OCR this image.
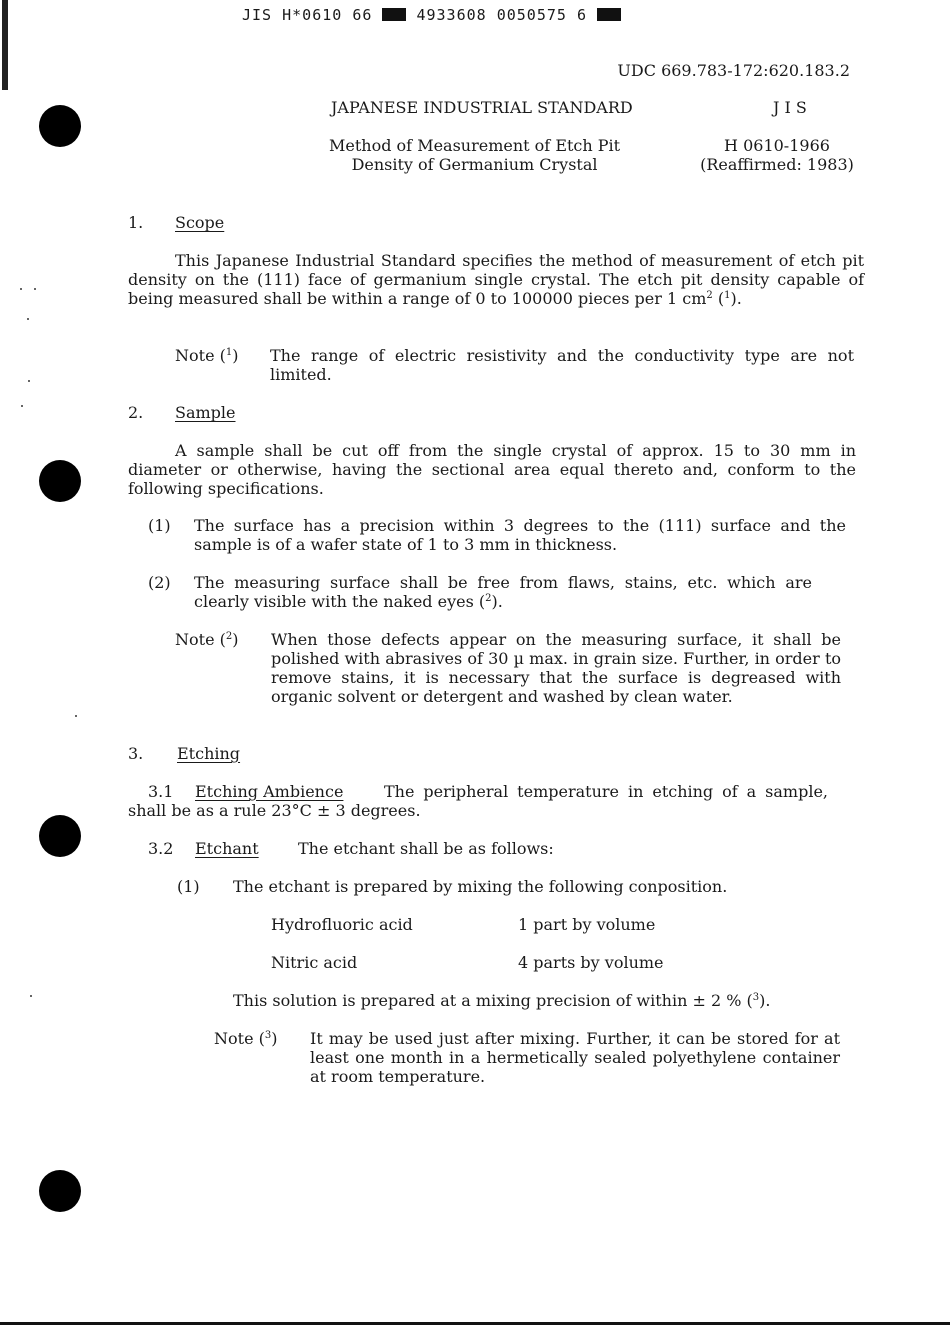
JIS H*0610 66	4933608 0050575 6
UDC 669.783-172:620.183.2
JAPANESE INDUSTRIAL STANDARD	J I S
Method of Measurement of Etch Pit
Density of Germanium Crystal
H 0610-1966
(Reaffirmed: 1983)
1. Scope
This Japanese Industrial Standard specifies the method of measurement of etch pit density on the (111) face of germanium single crystal. The etch pit density capable of being measured shall be within a range of 0 to 100000 pieces per 1 $cm^2$ ($^1$).
Note ($^1$) The range of electric resistivity and the conductivity type are not limited.
2. Sample
A sample shall be cut off from the single crystal of approx. 15 to 30 mm in diameter or otherwise, having the sectional area equal thereto and, conform to the following specifications.
(1) The surface has a precision within 3 degrees to the (111) surface and the sample is of a wafer state of 1 to 3 mm in thickness.
(2) The measuring surface shall be free from flaws, stains, etc. which are clearly visible with the naked eyes ($^2$).
Note ($^2$) When those defects appear on the measuring surface, it shall be polished with abrasives of 30 µ max. in grain size. Further, in order to remove stains, it is necessary that the surface is degreased with organic solvent or detergent and washed by clean water.
3. Etching
3.1 Etching Ambience	The peripheral temperature in etching of a sample, shall be as a rule 23°C ± 3 degrees.
3.2 Etchant The etchant shall be as follows:
(1) The etchant is prepared by mixing the following conposition.
Hydrofluoric acid	1 part by volume
Nitric acid	4 parts by volume
This solution is prepared at a mixing precision of within ± 2 % ($^3$).
Note ($^3$) It may be used just after mixing. Further, it can be stored for at least one month in a hermetically sealed polyethylene container at room temperature.
